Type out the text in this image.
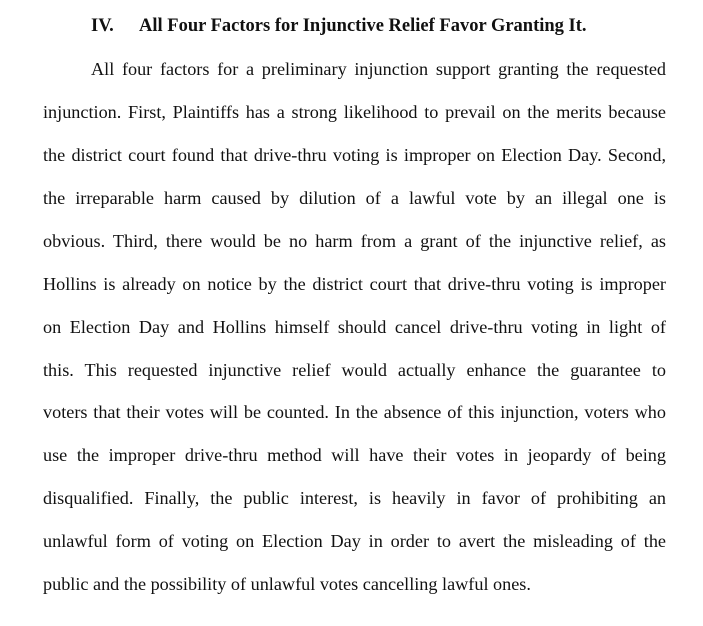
IV. All Four Factors for Injunctive Relief Favor Granting It.
All four factors for a preliminary injunction support granting the requested
injunction. First, Plaintiffs has a strong likelihood to prevail on the merits because
the district court found that drive-thru voting is improper on Election Day. Second,
the irreparable harm caused by dilution of a lawful vote by an illegal one is
obvious. Third, there would be no harm from a grant of the injunctive relief, as
Hollins is already on notice by the district court that drive-thru voting is improper
on Election Day and Hollins himself should cancel drive-thru voting in light of
this. This requested injunctive relief would actually enhance the guarantee to
voters that their votes will be counted. In the absence of this injunction, voters who
use the improper drive-thru method will have their votes in jeopardy of being
disqualified. Finally, the public interest, is heavily in favor of prohibiting an
unlawful form of voting on Election Day in order to avert the misleading of the
public and the possibility of unlawful votes cancelling lawful ones.
